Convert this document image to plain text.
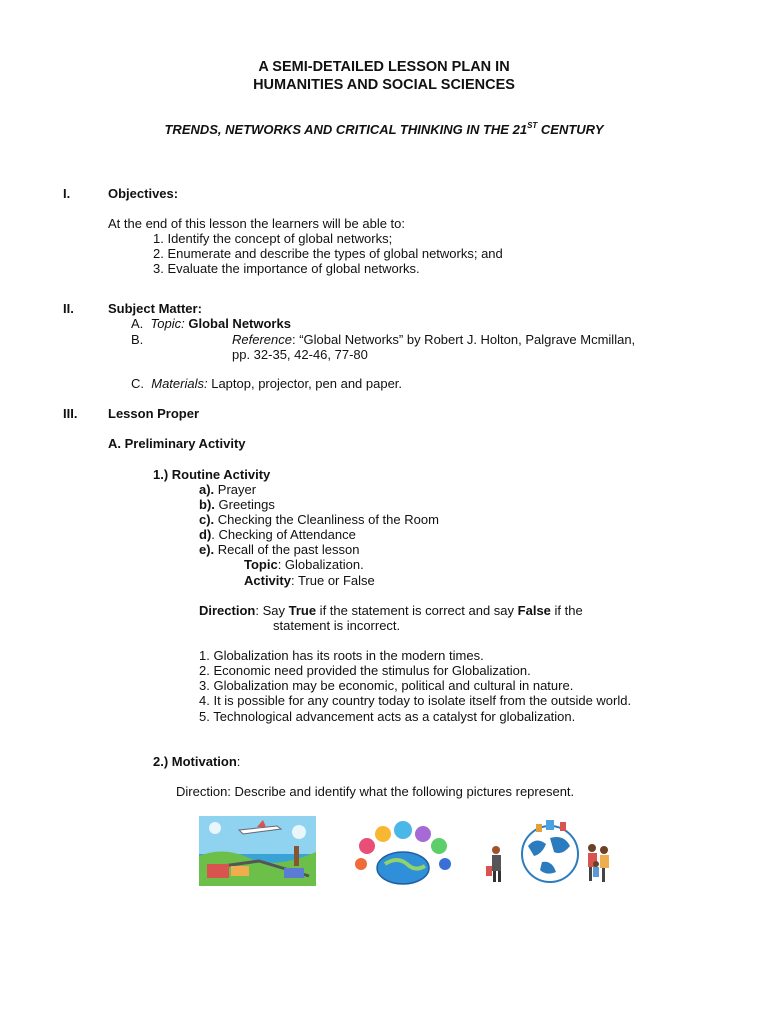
A SEMI-DETAILED LESSON PLAN IN
HUMANITIES AND SOCIAL SCIENCES
TRENDS, NETWORKS AND CRITICAL THINKING IN THE 21ST CENTURY
I.	Objectives:
At the end of this lesson the learners will be able to:
1. Identify the concept of global networks;
2. Enumerate and describe the types of global networks; and
3. Evaluate the importance of global networks.
II.	Subject Matter:
A. Topic: Global Networks
B.	Reference: “Global Networks” by Robert J. Holton, Palgrave Mcmillan,
pp. 32-35, 42-46, 77-80
C. Materials: Laptop, projector, pen and paper.
III. Lesson Proper
A. Preliminary Activity
1.) Routine Activity
a). Prayer
b). Greetings
c). Checking the Cleanliness of the Room
d). Checking of Attendance
e). Recall of the past lesson
Topic: Globalization.
Activity: True or False
Direction: Say True if the statement is correct and say False if the
statement is incorrect.
1. Globalization has its roots in the modern times.
2. Economic need provided the stimulus for Globalization.
3. Globalization may be economic, political and cultural in nature.
4. It is possible for any country today to isolate itself from the outside world.
5. Technological advancement acts as a catalyst for globalization.
2.) Motivation:
Direction: Describe and identify what the following pictures represent.
